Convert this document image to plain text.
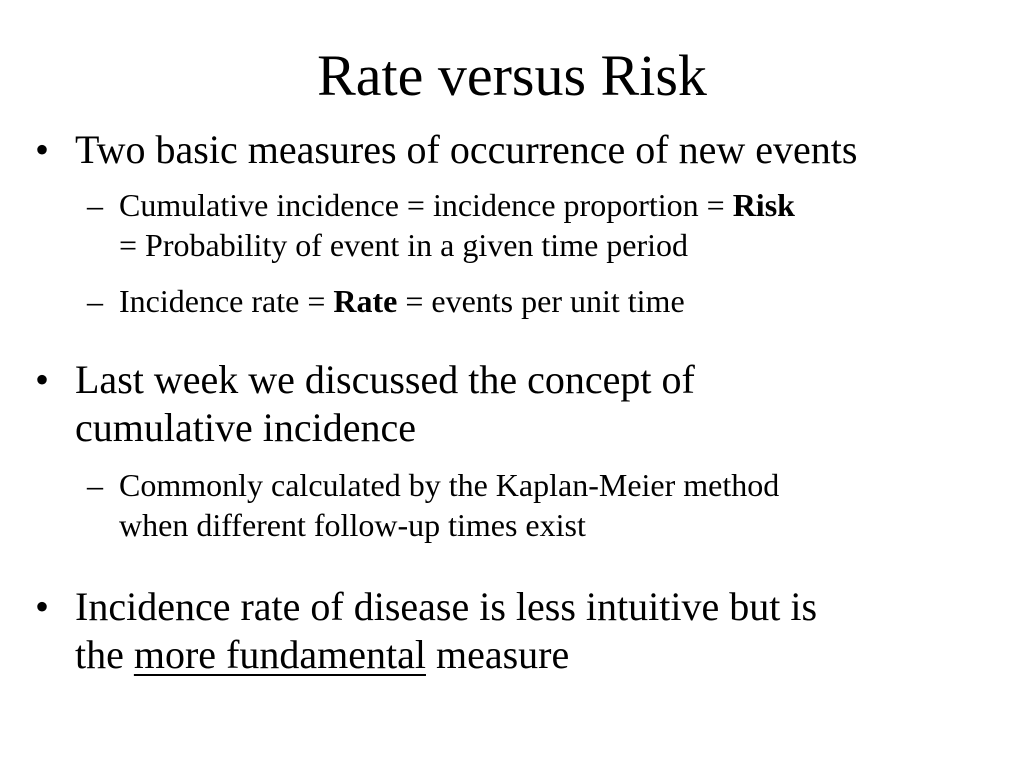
Rate versus Risk
• Two basic measures of occurrence of new events
– Cumulative incidence = incidence proportion = Risk
= Probability of event in a given time period
– Incidence rate = Rate = events per unit time
• Last week we discussed the concept of
cumulative incidence
– Commonly calculated by the Kaplan-Meier method
when different follow-up times exist
• Incidence rate of disease is less intuitive but is
the more fundamental measure
